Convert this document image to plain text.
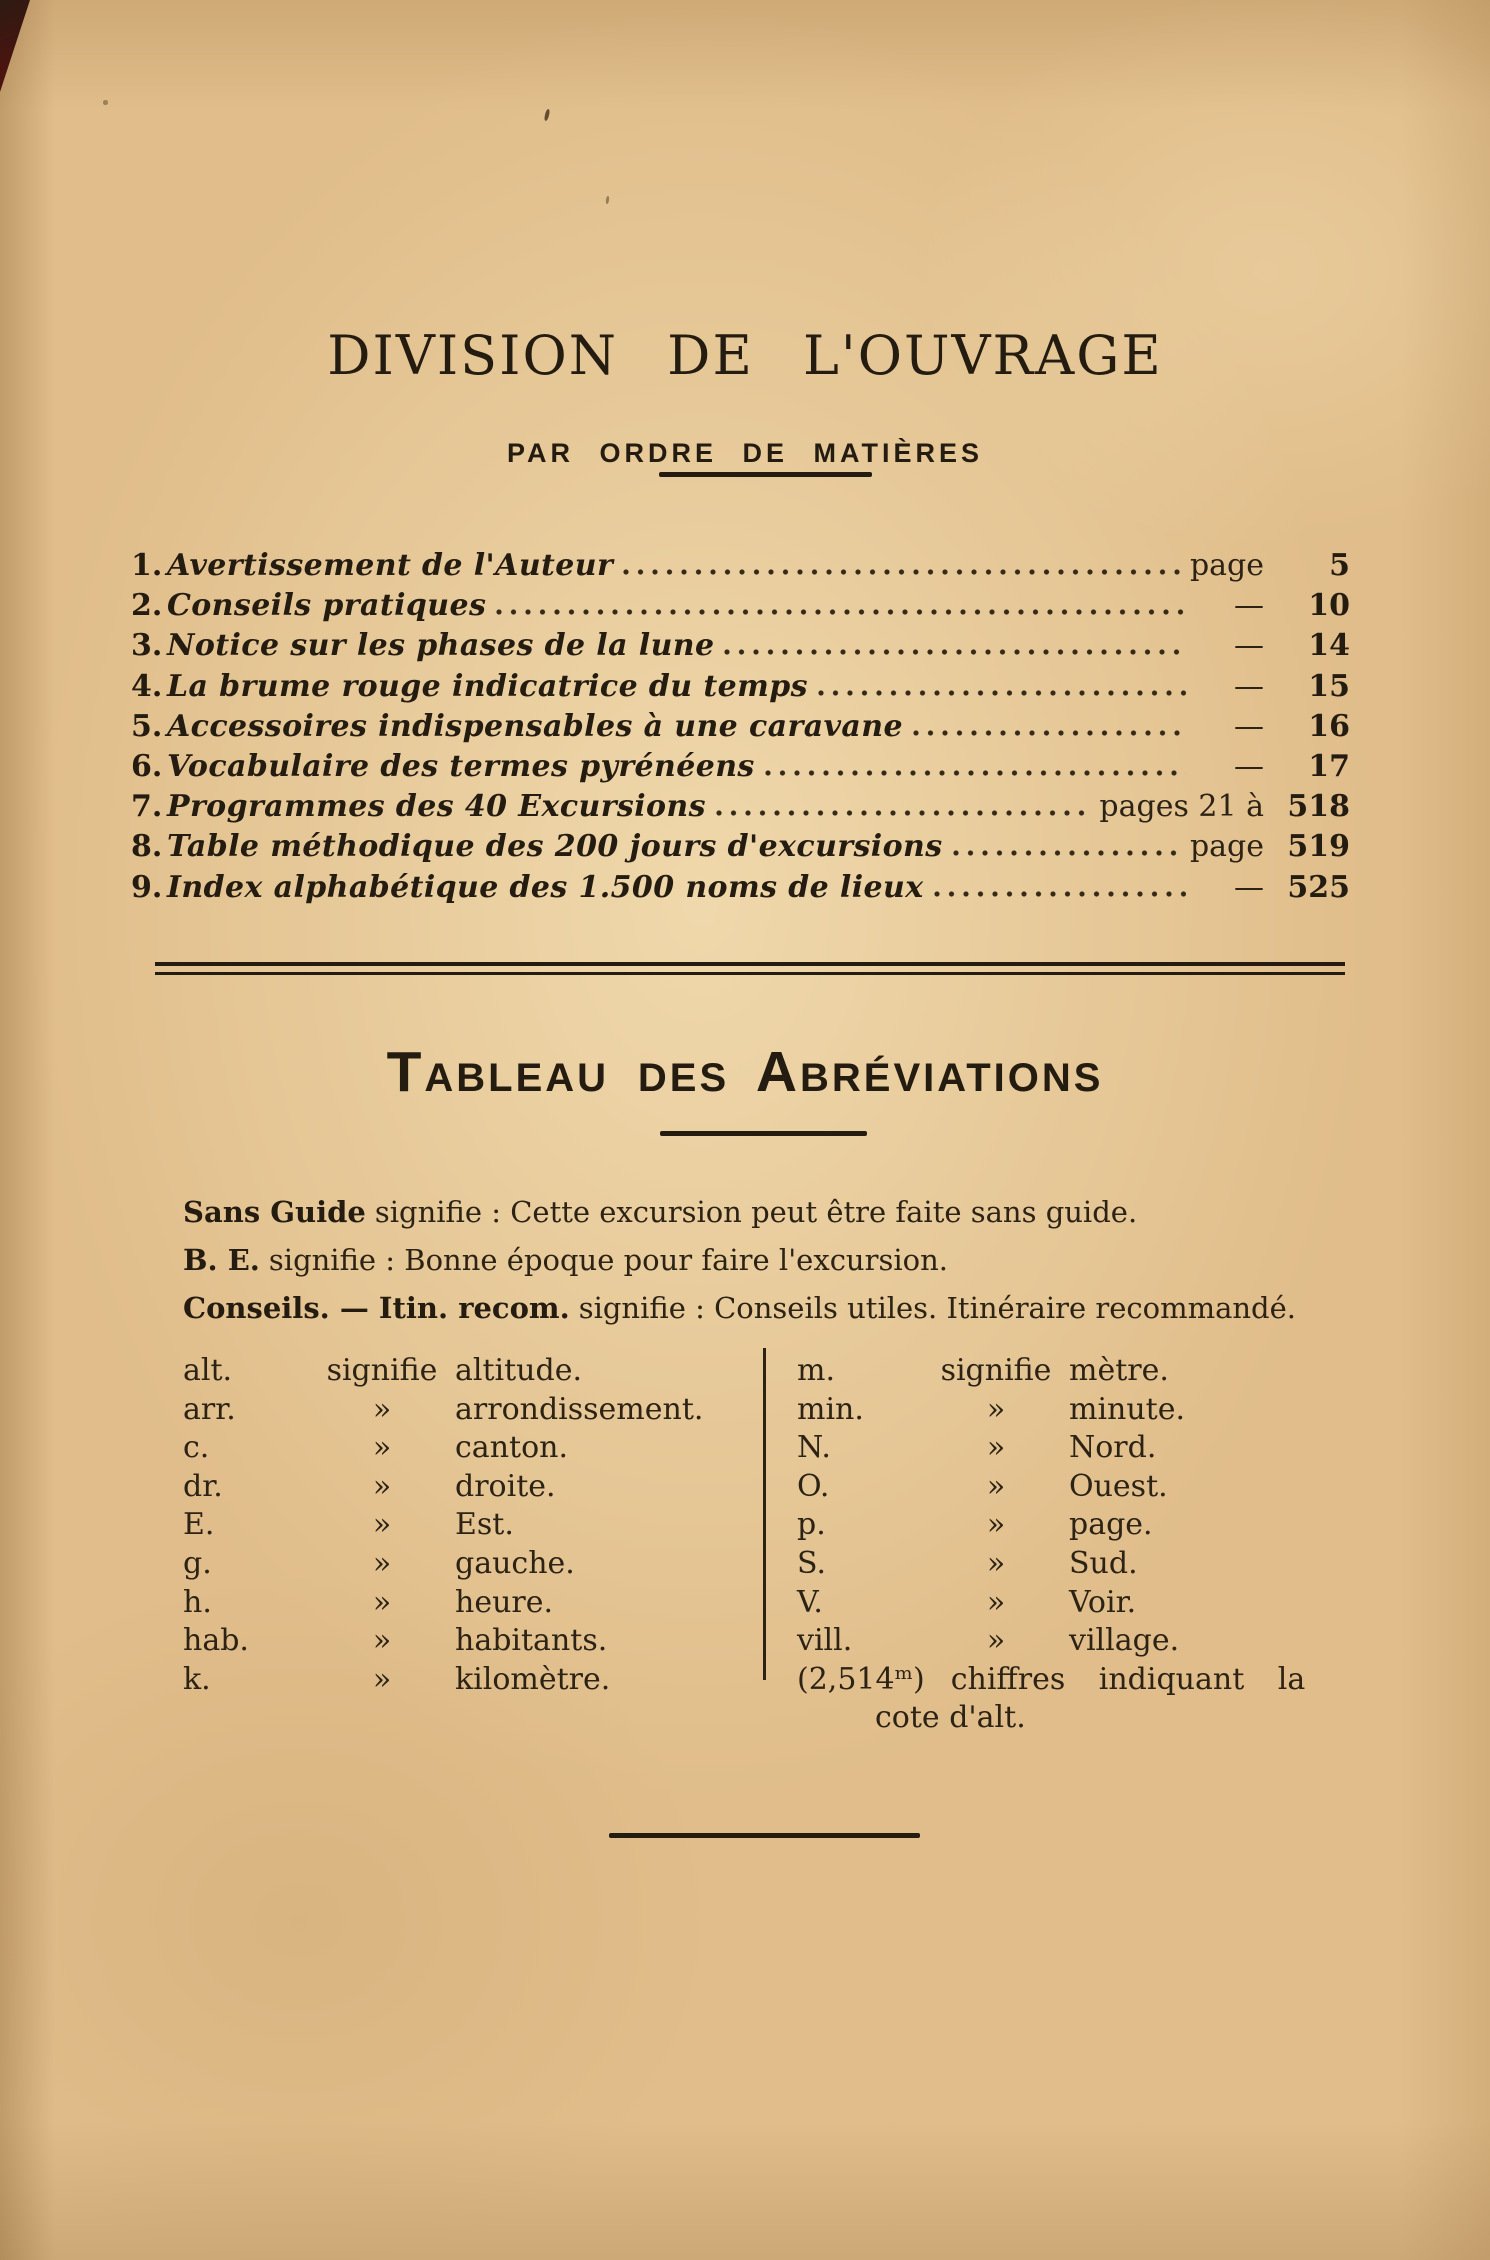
DIVISION DE L'OUVRAGE
PAR ORDRE DE MATIÈRES
1. Avertissement de l'Auteur	page	5
2. Conseils pratiques	—	10
3. Notice sur les phases de la lune	—	14
4. La brume rouge indicatrice du temps	—	15
5. Accessoires indispensables à une caravane	—	16
6. Vocabulaire des termes pyrénéens	—	17
7. Programmes des 40 Excursions	pages 21 à 518
8. Table méthodique des 200 jours d'excursions	page 519
9. Index alphabétique des 1.500 noms de lieux	— 525
Tableau des Abréviations
Sans Guide signifie : Cette excursion peut être faite sans guide.
B. E. signifie : Bonne époque pour faire l'excursion.
Conseils. — Itin. recom. signifie : Conseils utiles. Itinéraire recommandé.
alt.	signifie altitude.
arr.	»	arrondissement.
c.	»	canton.
dr.	»	droite.
E.	»	Est.
g.	»	gauche.
h.	»	heure.
hab.	»	habitants.
k.	»	kilomètre.
m.	signifie mètre.
min.	»	minute.
N.	»	Nord.
O.	»	Ouest.
p.	»	page.
S.	»	Sud.
V.	»	Voir.
vill.	»	village.
(2,514ᵐ) chiffres indiquant la
cote d'alt.
